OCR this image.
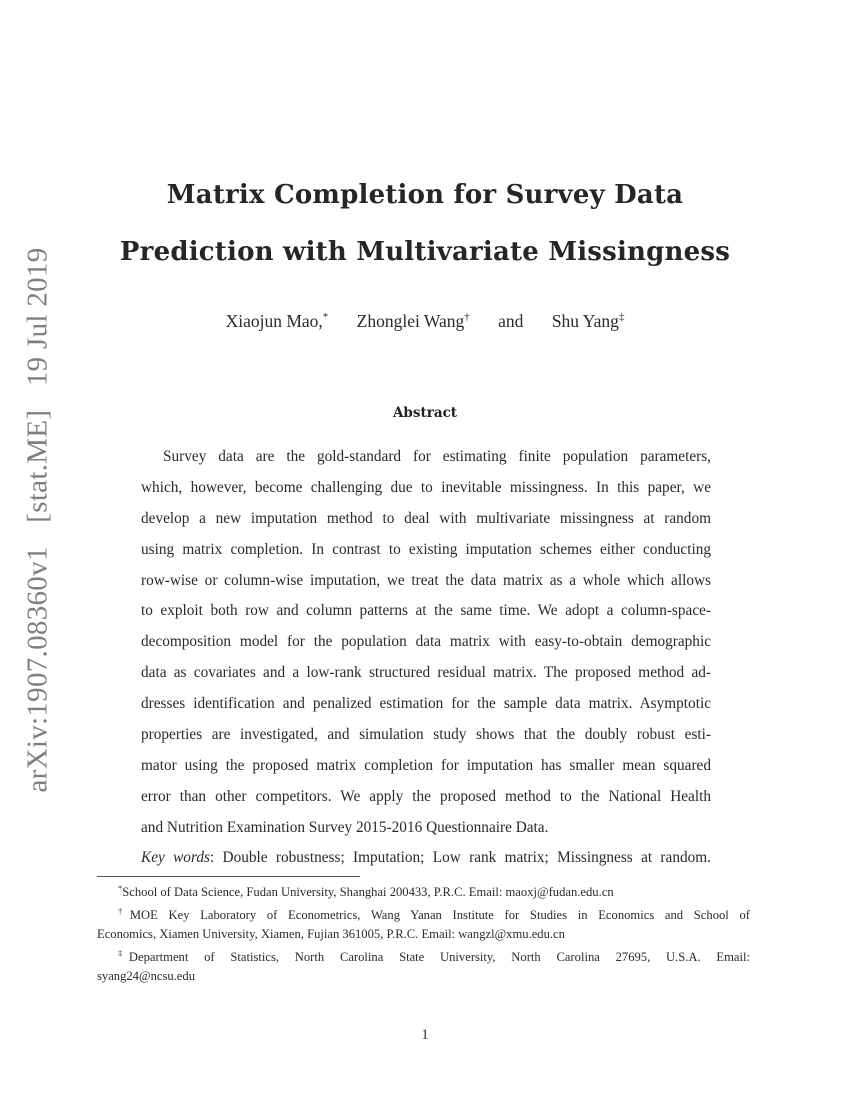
arXiv:1907.08360v1 [stat.ME] 19 Jul 2019
Matrix Completion for Survey Data
Prediction with Multivariate Missingness
Xiaojun Mao,* Zhonglei Wang† and Shu Yang‡
Abstract
Survey data are the gold-standard for estimating finite population parameters,
which, however, become challenging due to inevitable missingness. In this paper, we
develop a new imputation method to deal with multivariate missingness at random
using matrix completion. In contrast to existing imputation schemes either conducting
row-wise or column-wise imputation, we treat the data matrix as a whole which allows
to exploit both row and column patterns at the same time. We adopt a column-space-
decomposition model for the population data matrix with easy-to-obtain demographic
data as covariates and a low-rank structured residual matrix. The proposed method ad-
dresses identification and penalized estimation for the sample data matrix. Asymptotic
properties are investigated, and simulation study shows that the doubly robust esti-
mator using the proposed matrix completion for imputation has smaller mean squared
error than other competitors. We apply the proposed method to the National Health
and Nutrition Examination Survey 2015-2016 Questionnaire Data.
Key words: Double robustness; Imputation; Low rank matrix; Missingness at random.
*School of Data Science, Fudan University, Shanghai 200433, P.R.C. Email: maoxj@fudan.edu.cn
†MOE Key Laboratory of Econometrics, Wang Yanan Institute for Studies in Economics and School of
Economics, Xiamen University, Xiamen, Fujian 361005, P.R.C. Email: wangzl@xmu.edu.cn
‡Department of Statistics, North Carolina State University, North Carolina 27695, U.S.A. Email:
syang24@ncsu.edu
1
